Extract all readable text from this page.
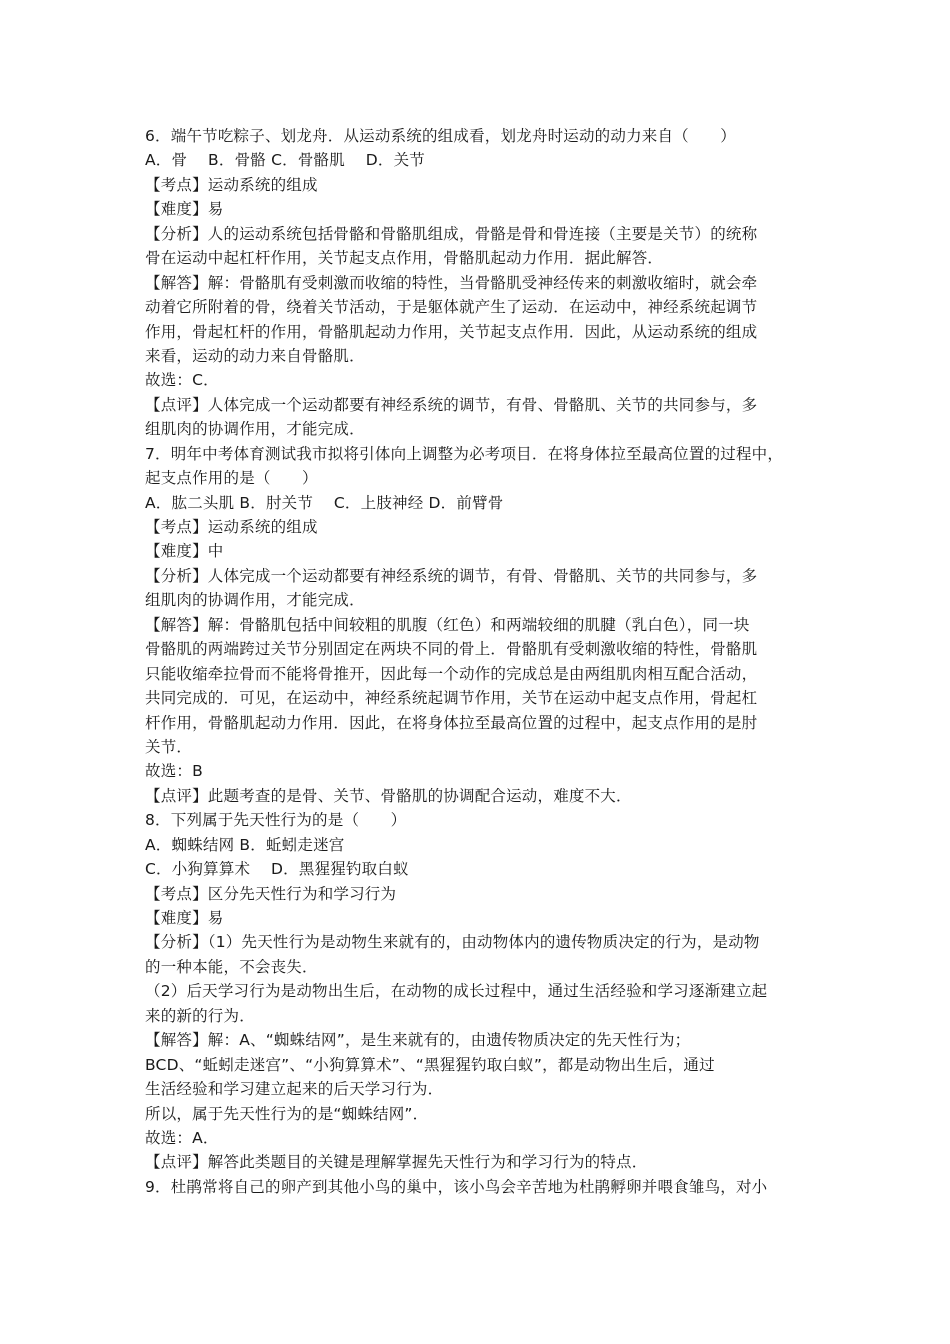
6．端午节吃粽子、划龙舟．从运动系统的组成看，划龙舟时运动的动力来自（　　）
A．骨　 B．骨骼 C．骨骼肌　 D．关节
【考点】运动系统的组成
【难度】易
【分析】人的运动系统包括骨骼和骨骼肌组成，骨骼是骨和骨连接（主要是关节）的统称
骨在运动中起杠杆作用，关节起支点作用，骨骼肌起动力作用．据此解答．
【解答】解：骨骼肌有受刺激而收缩的特性，当骨骼肌受神经传来的刺激收缩时，就会牵
动着它所附着的骨，绕着关节活动，于是躯体就产生了运动．在运动中，神经系统起调节
作用，骨起杠杆的作用，骨骼肌起动力作用，关节起支点作用．因此，从运动系统的组成
来看，运动的动力来自骨骼肌．
故选：C．
【点评】人体完成一个运动都要有神经系统的调节，有骨、骨骼肌、关节的共同参与，多
组肌肉的协调作用，才能完成．
7．明年中考体育测试我市拟将引体向上调整为必考项目．在将身体拉至最高位置的过程中，
起支点作用的是（　　）
A．肱二头肌 B．肘关节　 C．上肢神经 D．前臂骨
【考点】运动系统的组成
【难度】中
【分析】人体完成一个运动都要有神经系统的调节，有骨、骨骼肌、关节的共同参与，多
组肌肉的协调作用，才能完成．
【解答】解：骨骼肌包括中间较粗的肌腹（红色）和两端较细的肌腱（乳白色），同一块
骨骼肌的两端跨过关节分别固定在两块不同的骨上．骨骼肌有受刺激收缩的特性，骨骼肌
只能收缩牵拉骨而不能将骨推开，因此每一个动作的完成总是由两组肌肉相互配合活动，
共同完成的．可见，在运动中，神经系统起调节作用，关节在运动中起支点作用，骨起杠
杆作用，骨骼肌起动力作用．因此，在将身体拉至最高位置的过程中，起支点作用的是肘
关节．
故选：B
【点评】此题考查的是骨、关节、骨骼肌的协调配合运动，难度不大．
8．下列属于先天性行为的是（　　）
A．蜘蛛结网 B．蚯蚓走迷宫
C．小狗算算术　 D．黑猩猩钓取白蚁
【考点】区分先天性行为和学习行为
【难度】易
【分析】（1）先天性行为是动物生来就有的，由动物体内的遗传物质决定的行为，是动物
的一种本能，不会丧失．
（2）后天学习行为是动物出生后，在动物的成长过程中，通过生活经验和学习逐渐建立起
来的新的行为．
【解答】解：A、“蜘蛛结网”，是生来就有的，由遗传物质决定的先天性行为；
BCD、“蚯蚓走迷宫”、“小狗算算术”、“黑猩猩钓取白蚁”，都是动物出生后，通过
生活经验和学习建立起来的后天学习行为．
所以，属于先天性行为的是“蜘蛛结网”．
故选：A．
【点评】解答此类题目的关键是理解掌握先天性行为和学习行为的特点．
9．杜鹃常将自己的卵产到其他小鸟的巢中，该小鸟会辛苦地为杜鹃孵卵并喂食雏鸟，对小
